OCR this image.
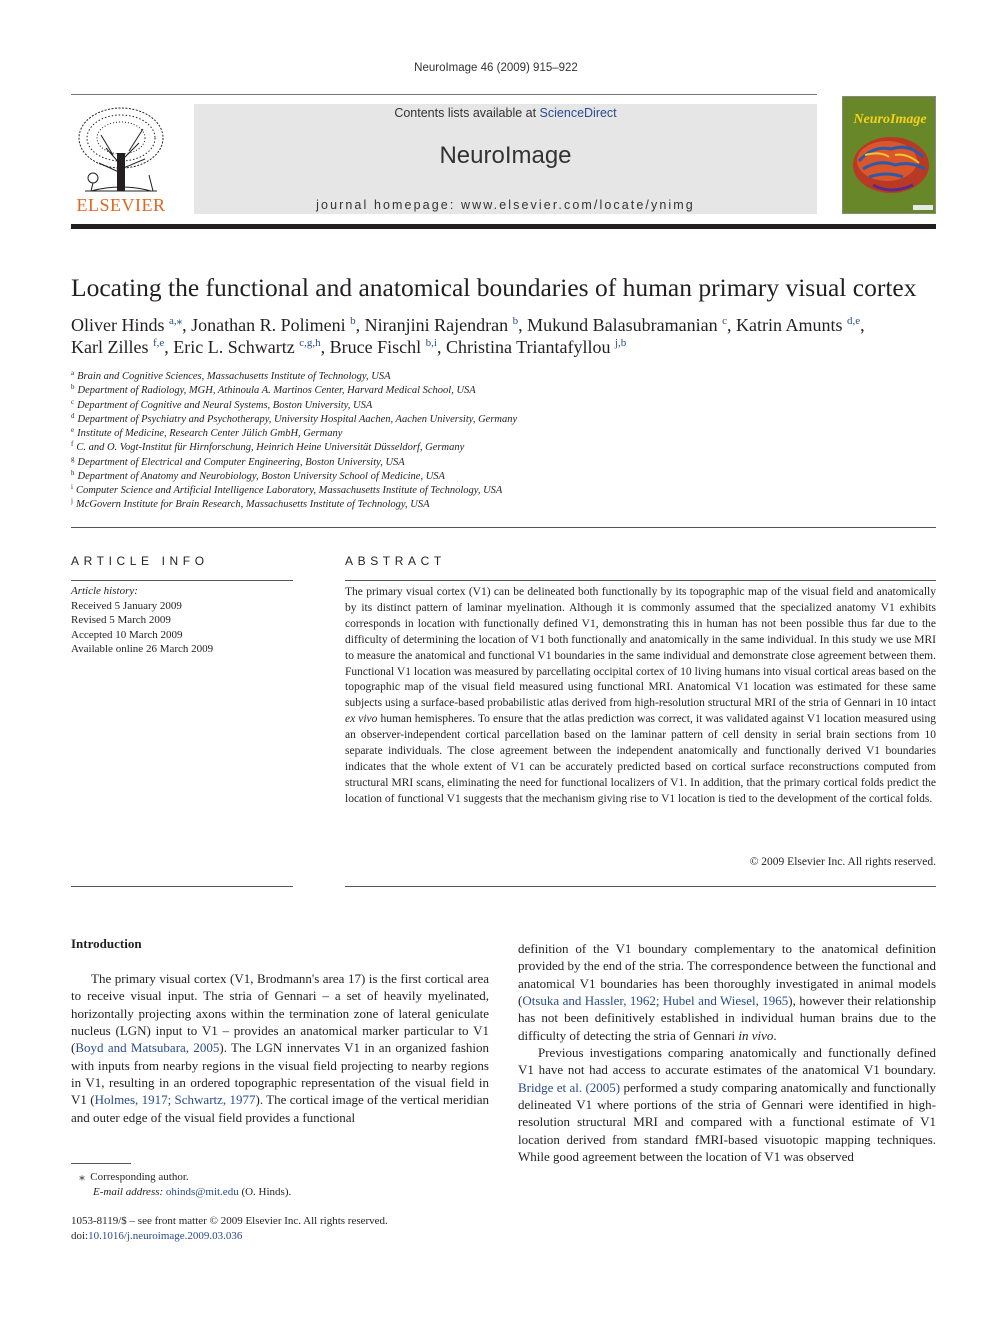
NeuroImage 46 (2009) 915–922
ELSEVIER
Contents lists available at ScienceDirect
NeuroImage
journal homepage: www.elsevier.com/locate/ynimg
NeuroImage
Locating the functional and anatomical boundaries of human primary visual cortex
Oliver Hinds $^{a,⁎}$, Jonathan R. Polimeni $^b$, Niranjini Rajendran $^b$, Mukund Balasubramanian $^c$, Katrin Amunts $^{d,e}$,
Karl Zilles $^{f,e}$, Eric L. Schwartz $^{c,g,h}$, Bruce Fischl $^{b,i}$, Christina Triantafyllou $^{j,b}$
$^a$ Brain and Cognitive Sciences, Massachusetts Institute of Technology, USA
$^b$ Department of Radiology, MGH, Athinoula A. Martinos Center, Harvard Medical School, USA
$^c$ Department of Cognitive and Neural Systems, Boston University, USA
$^d$ Department of Psychiatry and Psychotherapy, University Hospital Aachen, Aachen University, Germany
$^e$ Institute of Medicine, Research Center Jülich GmbH, Germany
$^f$ C. and O. Vogt-Institut für Hirnforschung, Heinrich Heine Universität Düsseldorf, Germany
$^g$ Department of Electrical and Computer Engineering, Boston University, USA
$^h$ Department of Anatomy and Neurobiology, Boston University School of Medicine, USA
$^i$ Computer Science and Artificial Intelligence Laboratory, Massachusetts Institute of Technology, USA
$^j$ McGovern Institute for Brain Research, Massachusetts Institute of Technology, USA
ARTICLE INFO	ABSTRACT
Article history:
Received 5 January 2009
Revised 5 March 2009
Accepted 10 March 2009
Available online 26 March 2009
The primary visual cortex (V1) can be delineated both functionally by its topographic map of the visual field and anatomically by its distinct pattern of laminar myelination. Although it is commonly assumed that the specialized anatomy V1 exhibits corresponds in location with functionally defined V1, demonstrating this in human has not been possible thus far due to the difficulty of determining the location of V1 both functionally and anatomically in the same individual. In this study we use MRI to measure the anatomical and functional V1 boundaries in the same individual and demonstrate close agreement between them. Functional V1 location was measured by parcellating occipital cortex of 10 living humans into visual cortical areas based on the topographic map of the visual field measured using functional MRI. Anatomical V1 location was estimated for these same subjects using a surface-based probabilistic atlas derived from high-resolution structural MRI of the stria of Gennari in 10 intact ex vivo human hemispheres. To ensure that the atlas prediction was correct, it was validated against V1 location measured using an observer-independent cortical parcellation based on the laminar pattern of cell density in serial brain sections from 10 separate individuals. The close agreement between the independent anatomically and functionally derived V1 boundaries indicates that the whole extent of V1 can be accurately predicted based on cortical surface reconstructions computed from structural MRI scans, eliminating the need for functional localizers of V1. In addition, that the primary cortical folds predict the location of functional V1 suggests that the mechanism giving rise to V1 location is tied to the development of the cortical folds.
© 2009 Elsevier Inc. All rights reserved.
Introduction

The primary visual cortex (V1, Brodmann's area 17) is the first cortical area to receive visual input. The stria of Gennari – a set of heavily myelinated, horizontally projecting axons within the termination zone of lateral geniculate nucleus (LGN) input to V1 – provides an anatomical marker particular to V1 (Boyd and Matsubara, 2005). The LGN innervates V1 in an organized fashion with inputs from nearby regions in the visual field projecting to nearby regions in V1, resulting in an ordered topographic representation of the visual field in V1 (Holmes, 1917; Schwartz, 1977). The cortical image of the vertical meridian and outer edge of the visual field provides a functional

definition of the V1 boundary complementary to the anatomical definition provided by the end of the stria. The correspondence between the functional and anatomical V1 boundaries has been thoroughly investigated in animal models (Otsuka and Hassler, 1962; Hubel and Wiesel, 1965), however their relationship has not been definitively established in individual human brains due to the difficulty of detecting the stria of Gennari in vivo.

Previous investigations comparing anatomically and functionally defined V1 have not had access to accurate estimates of the anatomical V1 boundary. Bridge et al. (2005) performed a study comparing anatomically and functionally delineated V1 where portions of the stria of Gennari were identified in high-resolution structural MRI and compared with a functional estimate of V1 location derived from standard fMRI-based visuotopic mapping techniques. While good agreement between the location of V1 was observed

⁎ Corresponding author.
E-mail address: ohinds@mit.edu (O. Hinds).
1053-8119/$ – see front matter © 2009 Elsevier Inc. All rights reserved.
doi:10.1016/j.neuroimage.2009.03.036
